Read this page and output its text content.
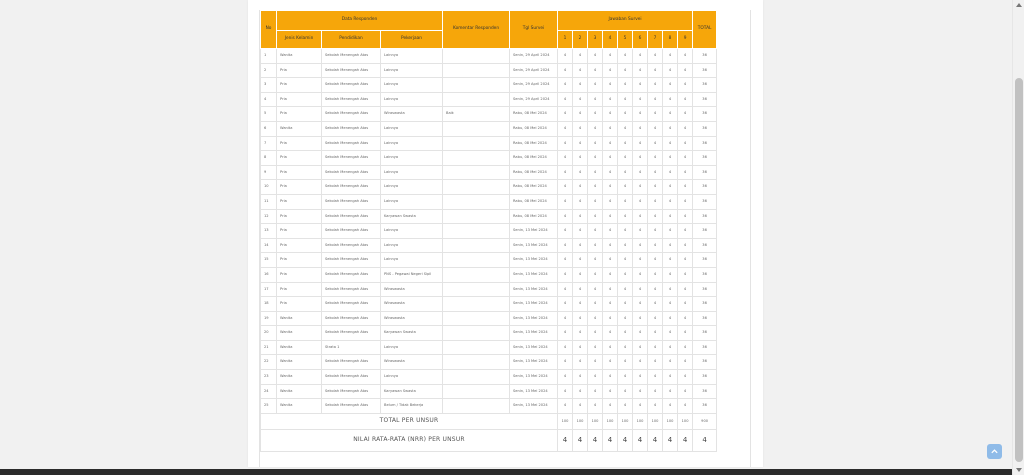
No	Data Responden			Komentar Responden	Tgl Survei	Jawaban Survei									TOTAL
	Jenis Kelamin	Pendidikan	Pekerjaan			1	2	3	4	5	6	7	8	9	
1	Wanita	Sekolah Menengah Atas	Lainnya		Senin, 29 April 2024	4	4	4	4	4	4	4	4	4	36
2	Pria	Sekolah Menengah Atas	Lainnya		Senin, 29 April 2024	4	4	4	4	4	4	4	4	4	36
3	Pria	Sekolah Menengah Atas	Lainnya		Senin, 29 April 2024	4	4	4	4	4	4	4	4	4	36
4	Pria	Sekolah Menengah Atas	Lainnya		Senin, 29 April 2024	4	4	4	4	4	4	4	4	4	36
5	Pria	Sekolah Menengah Atas	Wiraswasta	Baik	Rabu, 08 Mei 2024	4	4	4	4	4	4	4	4	4	36
6	Wanita	Sekolah Menengah Atas	Lainnya		Rabu, 08 Mei 2024	4	4	4	4	4	4	4	4	4	36
7	Pria	Sekolah Menengah Atas	Lainnya		Rabu, 08 Mei 2024	4	4	4	4	4	4	4	4	4	36
8	Pria	Sekolah Menengah Atas	Lainnya		Rabu, 08 Mei 2024	4	4	4	4	4	4	4	4	4	36
9	Pria	Sekolah Menengah Atas	Lainnya		Rabu, 08 Mei 2024	4	4	4	4	4	4	4	4	4	36
10	Pria	Sekolah Menengah Atas	Lainnya		Rabu, 08 Mei 2024	4	4	4	4	4	4	4	4	4	36
11	Pria	Sekolah Menengah Atas	Lainnya		Rabu, 08 Mei 2024	4	4	4	4	4	4	4	4	4	36
12	Pria	Sekolah Menengah Atas	Karyawan Swasta		Rabu, 08 Mei 2024	4	4	4	4	4	4	4	4	4	36
13	Pria	Sekolah Menengah Atas	Lainnya		Senin, 13 Mei 2024	4	4	4	4	4	4	4	4	4	36
14	Pria	Sekolah Menengah Atas	Lainnya		Senin, 13 Mei 2024	4	4	4	4	4	4	4	4	4	36
15	Pria	Sekolah Menengah Atas	Lainnya		Senin, 13 Mei 2024	4	4	4	4	4	4	4	4	4	36
16	Pria	Sekolah Menengah Atas	PNS - Pegawai Negeri Sipil		Senin, 13 Mei 2024	4	4	4	4	4	4	4	4	4	36
17	Pria	Sekolah Menengah Atas	Wiraswasta		Senin, 13 Mei 2024	4	4	4	4	4	4	4	4	4	36
18	Pria	Sekolah Menengah Atas	Wiraswasta		Senin, 13 Mei 2024	4	4	4	4	4	4	4	4	4	36
19	Wanita	Sekolah Menengah Atas	Wiraswasta		Senin, 13 Mei 2024	4	4	4	4	4	4	4	4	4	36
20	Wanita	Sekolah Menengah Atas	Karyawan Swasta		Senin, 13 Mei 2024	4	4	4	4	4	4	4	4	4	36
21	Wanita	Strata 1	Lainnya		Senin, 13 Mei 2024	4	4	4	4	4	4	4	4	4	36
22	Wanita	Sekolah Menengah Atas	Wiraswasta		Senin, 13 Mei 2024	4	4	4	4	4	4	4	4	4	36
23	Wanita	Sekolah Menengah Atas	Lainnya		Senin, 13 Mei 2024	4	4	4	4	4	4	4	4	4	36
24	Wanita	Sekolah Menengah Atas	Karyawan Swasta		Senin, 13 Mei 2024	4	4	4	4	4	4	4	4	4	36
25	Wanita	Sekolah Menengah Atas	Belum / Tidak Bekerja		Senin, 13 Mei 2024	4	4	4	4	4	4	4	4	4	36
TOTAL PER UNSUR						100	100	100	100	100	100	100	100	100	900
NILAI RATA-RATA (NRR) PER UNSUR						4	4	4	4	4	4	4	4	4	4
